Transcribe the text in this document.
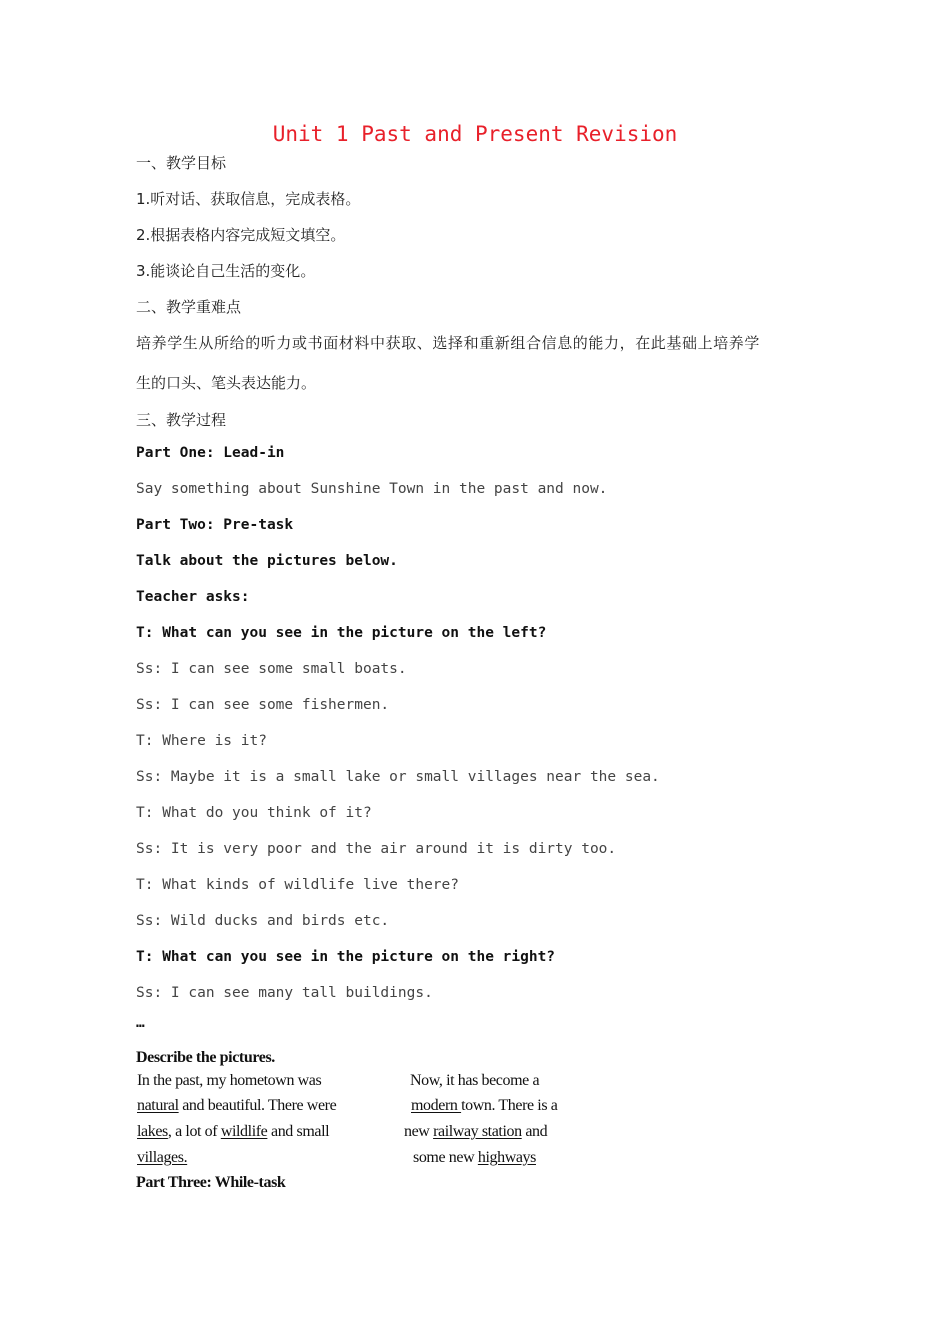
Unit 1 Past and Present Revision
一、教学目标
1.听对话、获取信息，完成表格。
2.根据表格内容完成短文填空。
3.能谈论自己生活的变化。
二、教学重难点
培养学生从所给的听力或书面材料中获取、选择和重新组合信息的能力，在此基础上培养学
生的口头、笔头表达能力。
三、教学过程
Part One: Lead-in
Say something about Sunshine Town in the past and now.
Part Two: Pre-task
Talk about the pictures below.
Teacher asks:
T: What can you see in the picture on the left?
Ss: I can see some small boats.
Ss: I can see some fishermen.
T: Where is it?
Ss: Maybe it is a small lake or small villages near the sea.
T: What do you think of it?
Ss: It is very poor and the air around it is dirty too.
T: What kinds of wildlife live there?
Ss: Wild ducks and birds etc.
T: What can you see in the picture on the right?
Ss: I can see many tall buildings.
…
Describe the pictures.
In the past, my hometown was
natural and beautiful. There were
lakes, a lot of wildlife and small
villages.
Now, it has become a
modern town. There is a
new railway station and
some new highways
Part Three: While-task
